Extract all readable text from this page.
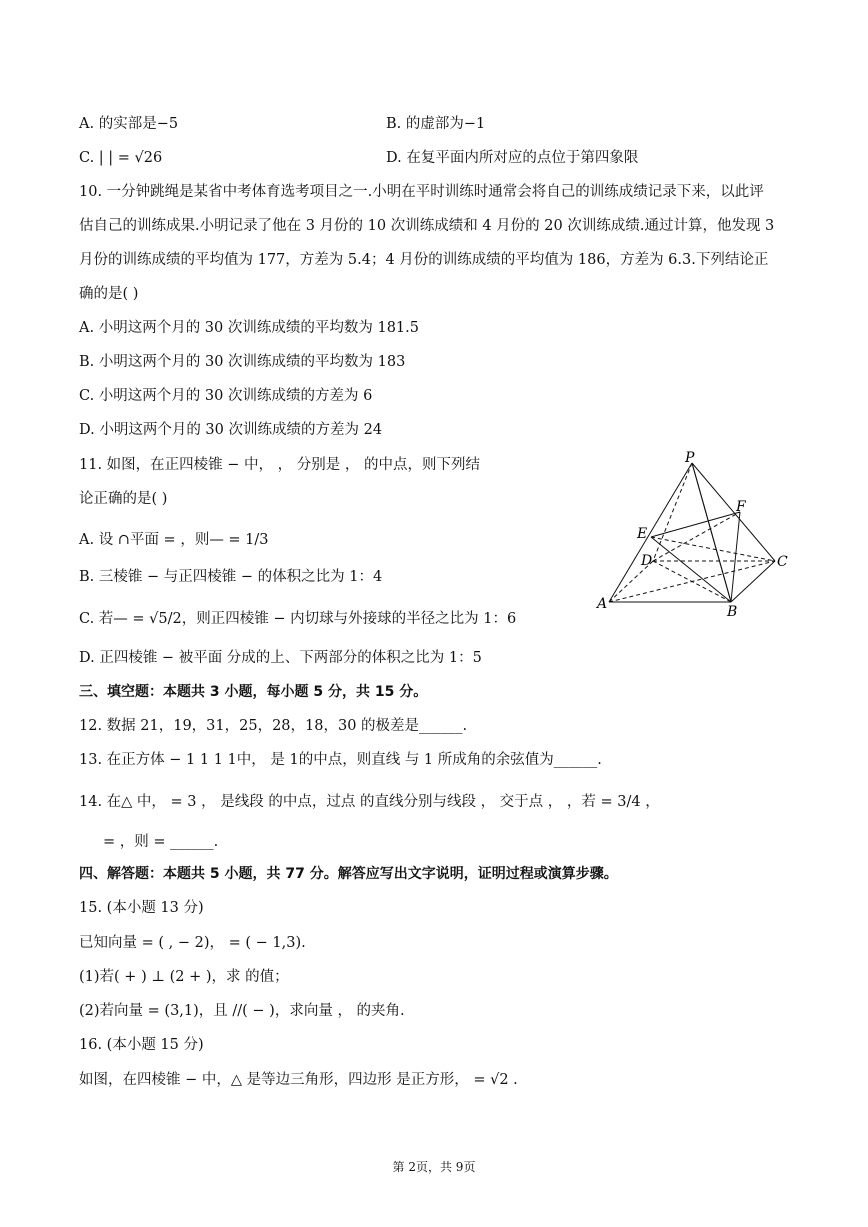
A. 的实部是−5	B. 的虚部为−1
C. | | = √26	D. 在复平面内所对应的点位于第四象限
10. 一分钟跳绳是某省中考体育选考项目之一.小明在平时训练时通常会将自己的训练成绩记录下来，以此评
估自己的训练成果.小明记录了他在 3 月份的 10 次训练成绩和 4 月份的 20 次训练成绩.通过计算，他发现 3
月份的训练成绩的平均值为 177，方差为 5.4；4 月份的训练成绩的平均值为 186，方差为 6.3.下列结论正
确的是( )
A. 小明这两个月的 30 次训练成绩的平均数为 181.5
B. 小明这两个月的 30 次训练成绩的平均数为 183
C. 小明这两个月的 30 次训练成绩的方差为 6
D. 小明这两个月的 30 次训练成绩的方差为 24
11. 如图，在正四棱锥 − 中， ， 分别是 ， 的中点，则下列结
论正确的是( )
A. 设 ∩平面 = ，则— = 1/3
B. 三棱锥 − 与正四棱锥 − 的体积之比为 1：4
C. 若— = √5/2，则正四棱锥 − 内切球与外接球的半径之比为 1：6
D. 正四棱锥 − 被平面 分成的上、下两部分的体积之比为 1：5
P
F
E
D	C
A	B
三、填空题：本题共 3 小题，每小题 5 分，共 15 分。
12. 数据 21，19，31，25，28，18，30 的极差是______.
13. 在正方体 − 1 1 1 1中， 是 1的中点，则直线 与 1 所成角的余弦值为______.
14. 在△ 中， = 3 ， 是线段 的中点，过点 的直线分别与线段 ， 交于点 ， ，若 = 3/4 ，
= ，则 = ______.
四、解答题：本题共 5 小题，共 77 分。解答应写出文字说明，证明过程或演算步骤。
15. (本小题 13 分)
已知向量 = ( , − 2)， = ( − 1,3).
(1)若( + ) ⊥ (2 + )，求 的值；
(2)若向量 = (3,1)，且 //( − )，求向量 ， 的夹角.
16. (本小题 15 分)
如图，在四棱锥 − 中，△ 是等边三角形，四边形 是正方形， = √2 .
第 2页，共 9页
